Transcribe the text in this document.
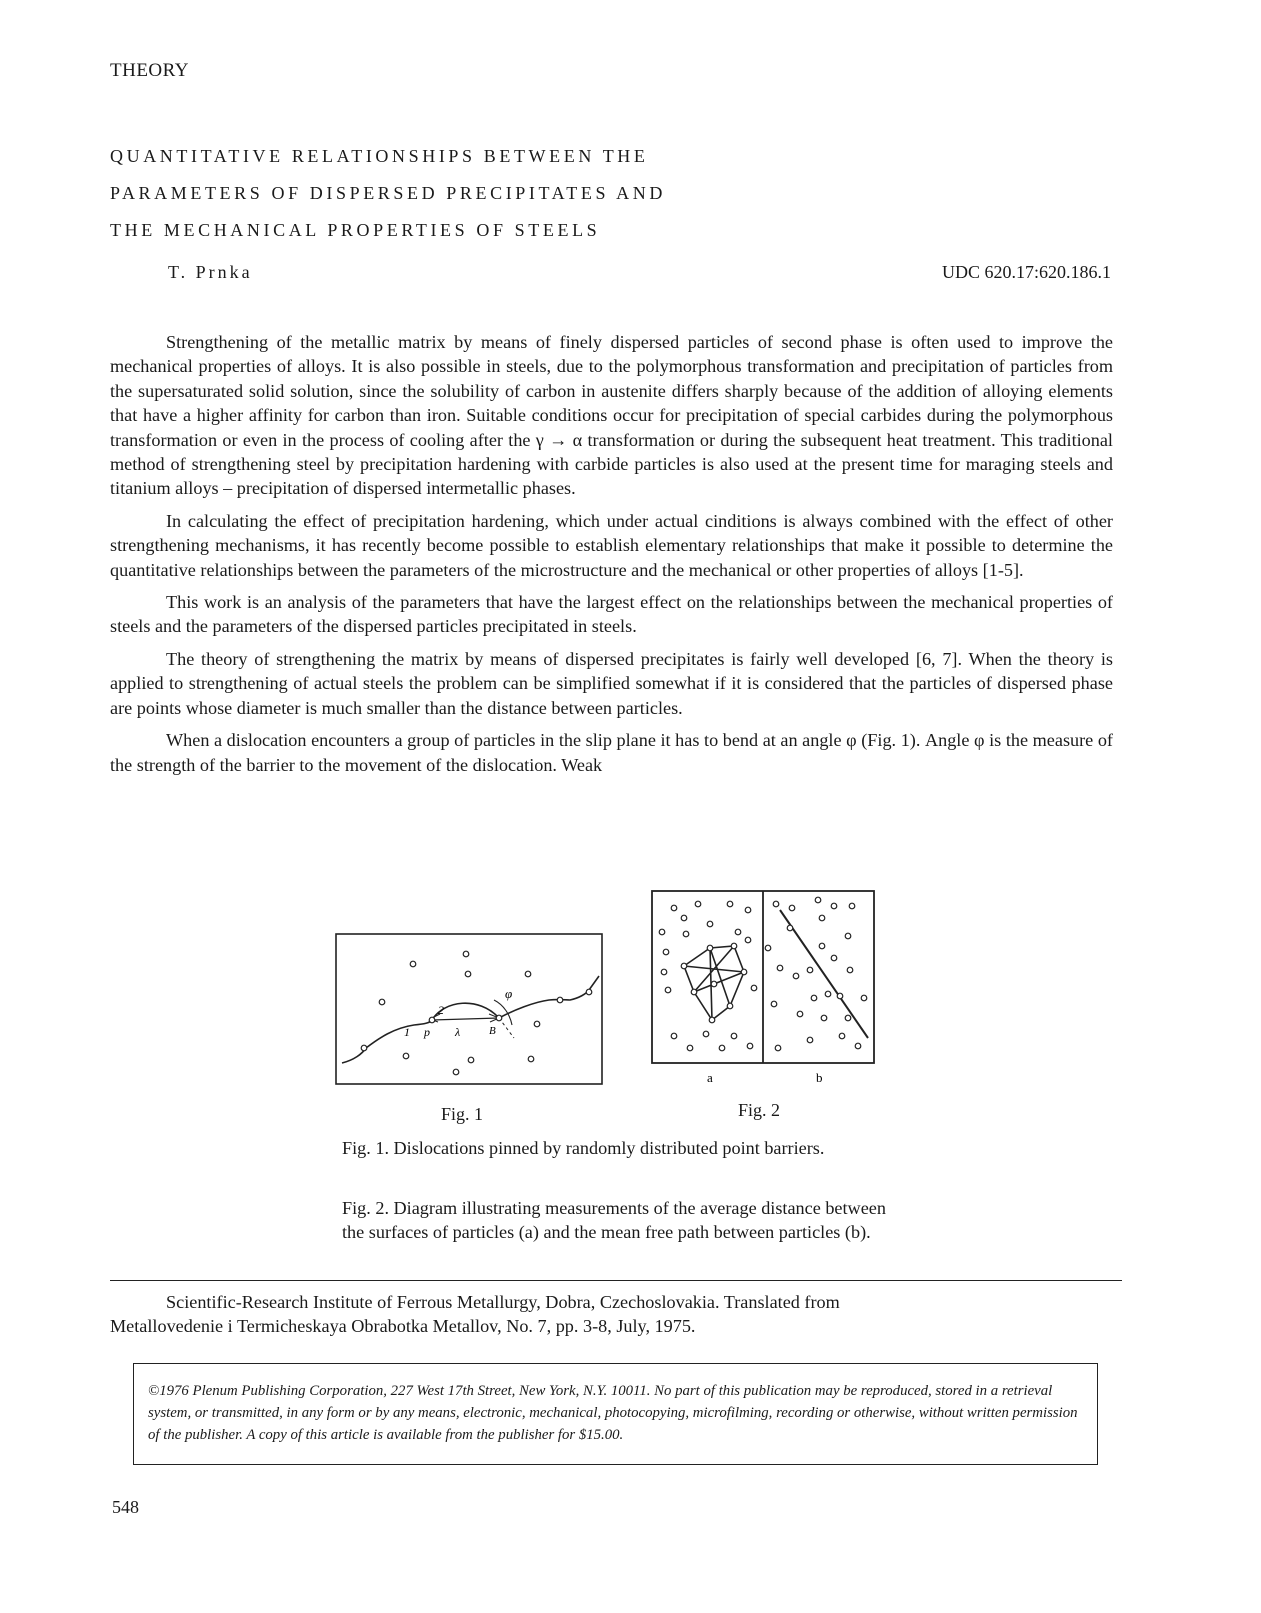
THEORY
QUANTITATIVE RELATIONSHIPS BETWEEN THE
PARAMETERS OF DISPERSED PRECIPITATES AND
THE MECHANICAL PROPERTIES OF STEELS
T. Prnka	UDC 620.17:620.186.1

Strengthening of the metallic matrix by means of finely dispersed particles of second phase is often used to improve the mechanical properties of alloys. It is also possible in steels, due to the polymorphous transformation and precipitation of particles from the supersaturated solid solution, since the solubility of carbon in austenite differs sharply because of the addition of alloying elements that have a higher affinity for carbon than iron. Suitable conditions occur for precipitation of special carbides during the polymorphous transformation or even in the process of cooling after the γ → α transformation or during the subsequent heat treatment. This traditional method of strengthening steel by precipitation hardening with carbide particles is also used at the present time for maraging steels and titanium alloys – precipitation of dispersed intermetallic phases.

In calculating the effect of precipitation hardening, which under actual cinditions is always combined with the effect of other strengthening mechanisms, it has recently become possible to establish elementary relationships that make it possible to determine the quantitative relationships between the parameters of the microstructure and the mechanical or other properties of alloys [1-5].

This work is an analysis of the parameters that have the largest effect on the relationships between the mechanical properties of steels and the parameters of the dispersed particles precipitated in steels.

The theory of strengthening the matrix by means of dispersed precipitates is fairly well developed [6, 7]. When the theory is applied to strengthening of actual steels the problem can be simplified somewhat if it is considered that the particles of dispersed phase are points whose diameter is much smaller than the distance between particles.

When a dislocation encounters a group of particles in the slip plane it has to bend at an angle φ (Fig. 1). Angle φ is the measure of the strength of the barrier to the movement of the dislocation. Weak

φ
2
1 p λ	B
a	b
Fig. 1	Fig. 2
Fig. 1. Dislocations pinned by randomly distributed point barriers.
Fig. 2. Diagram illustrating measurements of the average distance between the surfaces of particles (a) and the mean free path between particles (b).
Scientific-Research Institute of Ferrous Metallurgy, Dobra, Czechoslovakia. Translated from
Metallovedenie i Termicheskaya Obrabotka Metallov, No. 7, pp. 3-8, July, 1975.
©1976 Plenum Publishing Corporation, 227 West 17th Street, New York, N.Y. 10011. No part of this publication may be reproduced, stored in a retrieval system, or transmitted, in any form or by any means, electronic, mechanical, photocopying, microfilming, recording or otherwise, without written permission of the publisher. A copy of this article is available from the publisher for $15.00.
548
